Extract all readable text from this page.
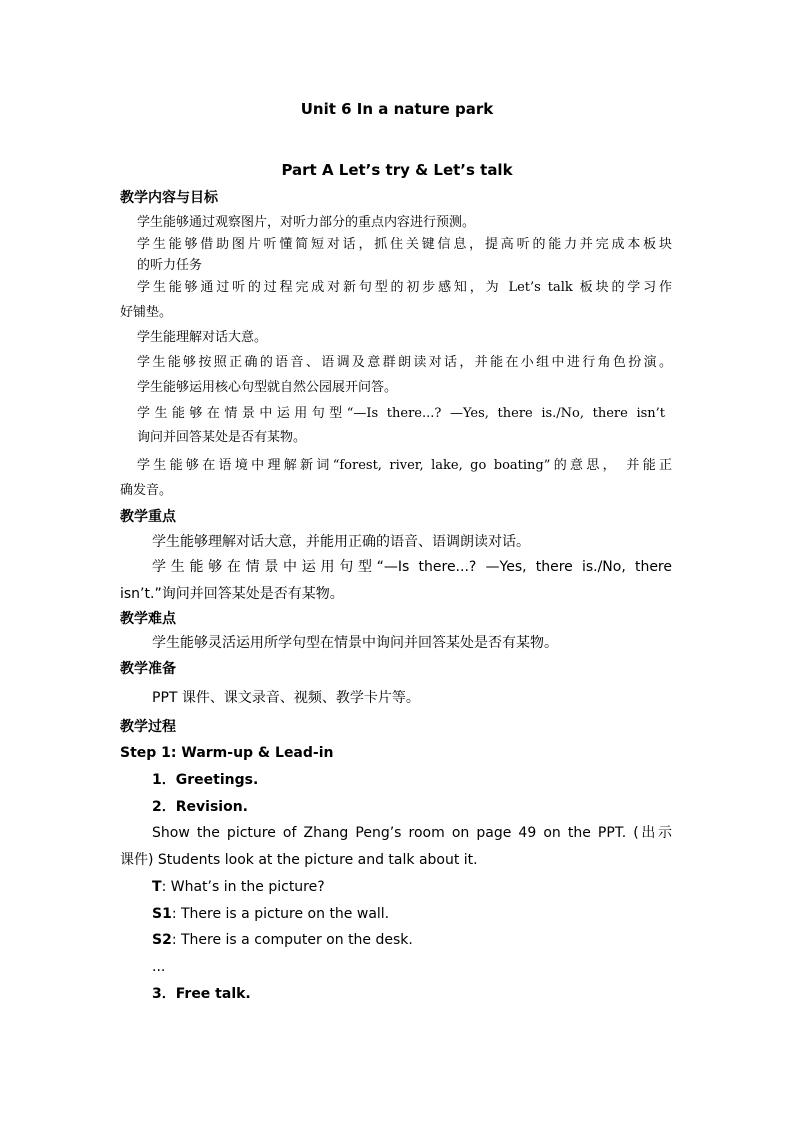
Unit 6 In a nature park
Part A Let’s try & Let’s talk
教学内容与目标
学生能够通过观察图片，对听力部分的重点内容进行预测。
学生能够借助图片听懂简短对话，抓住关键信息，提高听的能力并完成本板块
的听力任务
学生能够通过听的过程完成对新句型的初步感知，为 Let’s talk 板块的学习作
好铺垫。
学生能理解对话大意。
学生能够按照正确的语音、语调及意群朗读对话，并能在小组中进行角色扮演。
学生能够运用核心句型就自然公园展开问答。
学生能够在情景中运用句型“—Is there...? —Yes, there is./No, there isn’t
询问并回答某处是否有某物。
学生能够在语境中理解新词“forest, river, lake, go boating”的意思， 并能正
确发音。
教学重点
学生能够理解对话大意，并能用正确的语音、语调朗读对话。
学生能够在情景中运用句型“—Is there...? —Yes, there is./No, there
isn’t.”询问并回答某处是否有某物。
教学难点
学生能够灵活运用所学句型在情景中询问并回答某处是否有某物。
教学准备
PPT 课件、课文录音、视频、教学卡片等。
教学过程
Step 1: Warm-up & Lead-in
1．Greetings.
2．Revision.
Show the picture of Zhang Peng’s room on page 49 on the PPT. (出示
课件) Students look at the picture and talk about it.
T: What’s in the picture?
S1: There is a picture on the wall.
S2: There is a computer on the desk.
...
3．Free talk.
